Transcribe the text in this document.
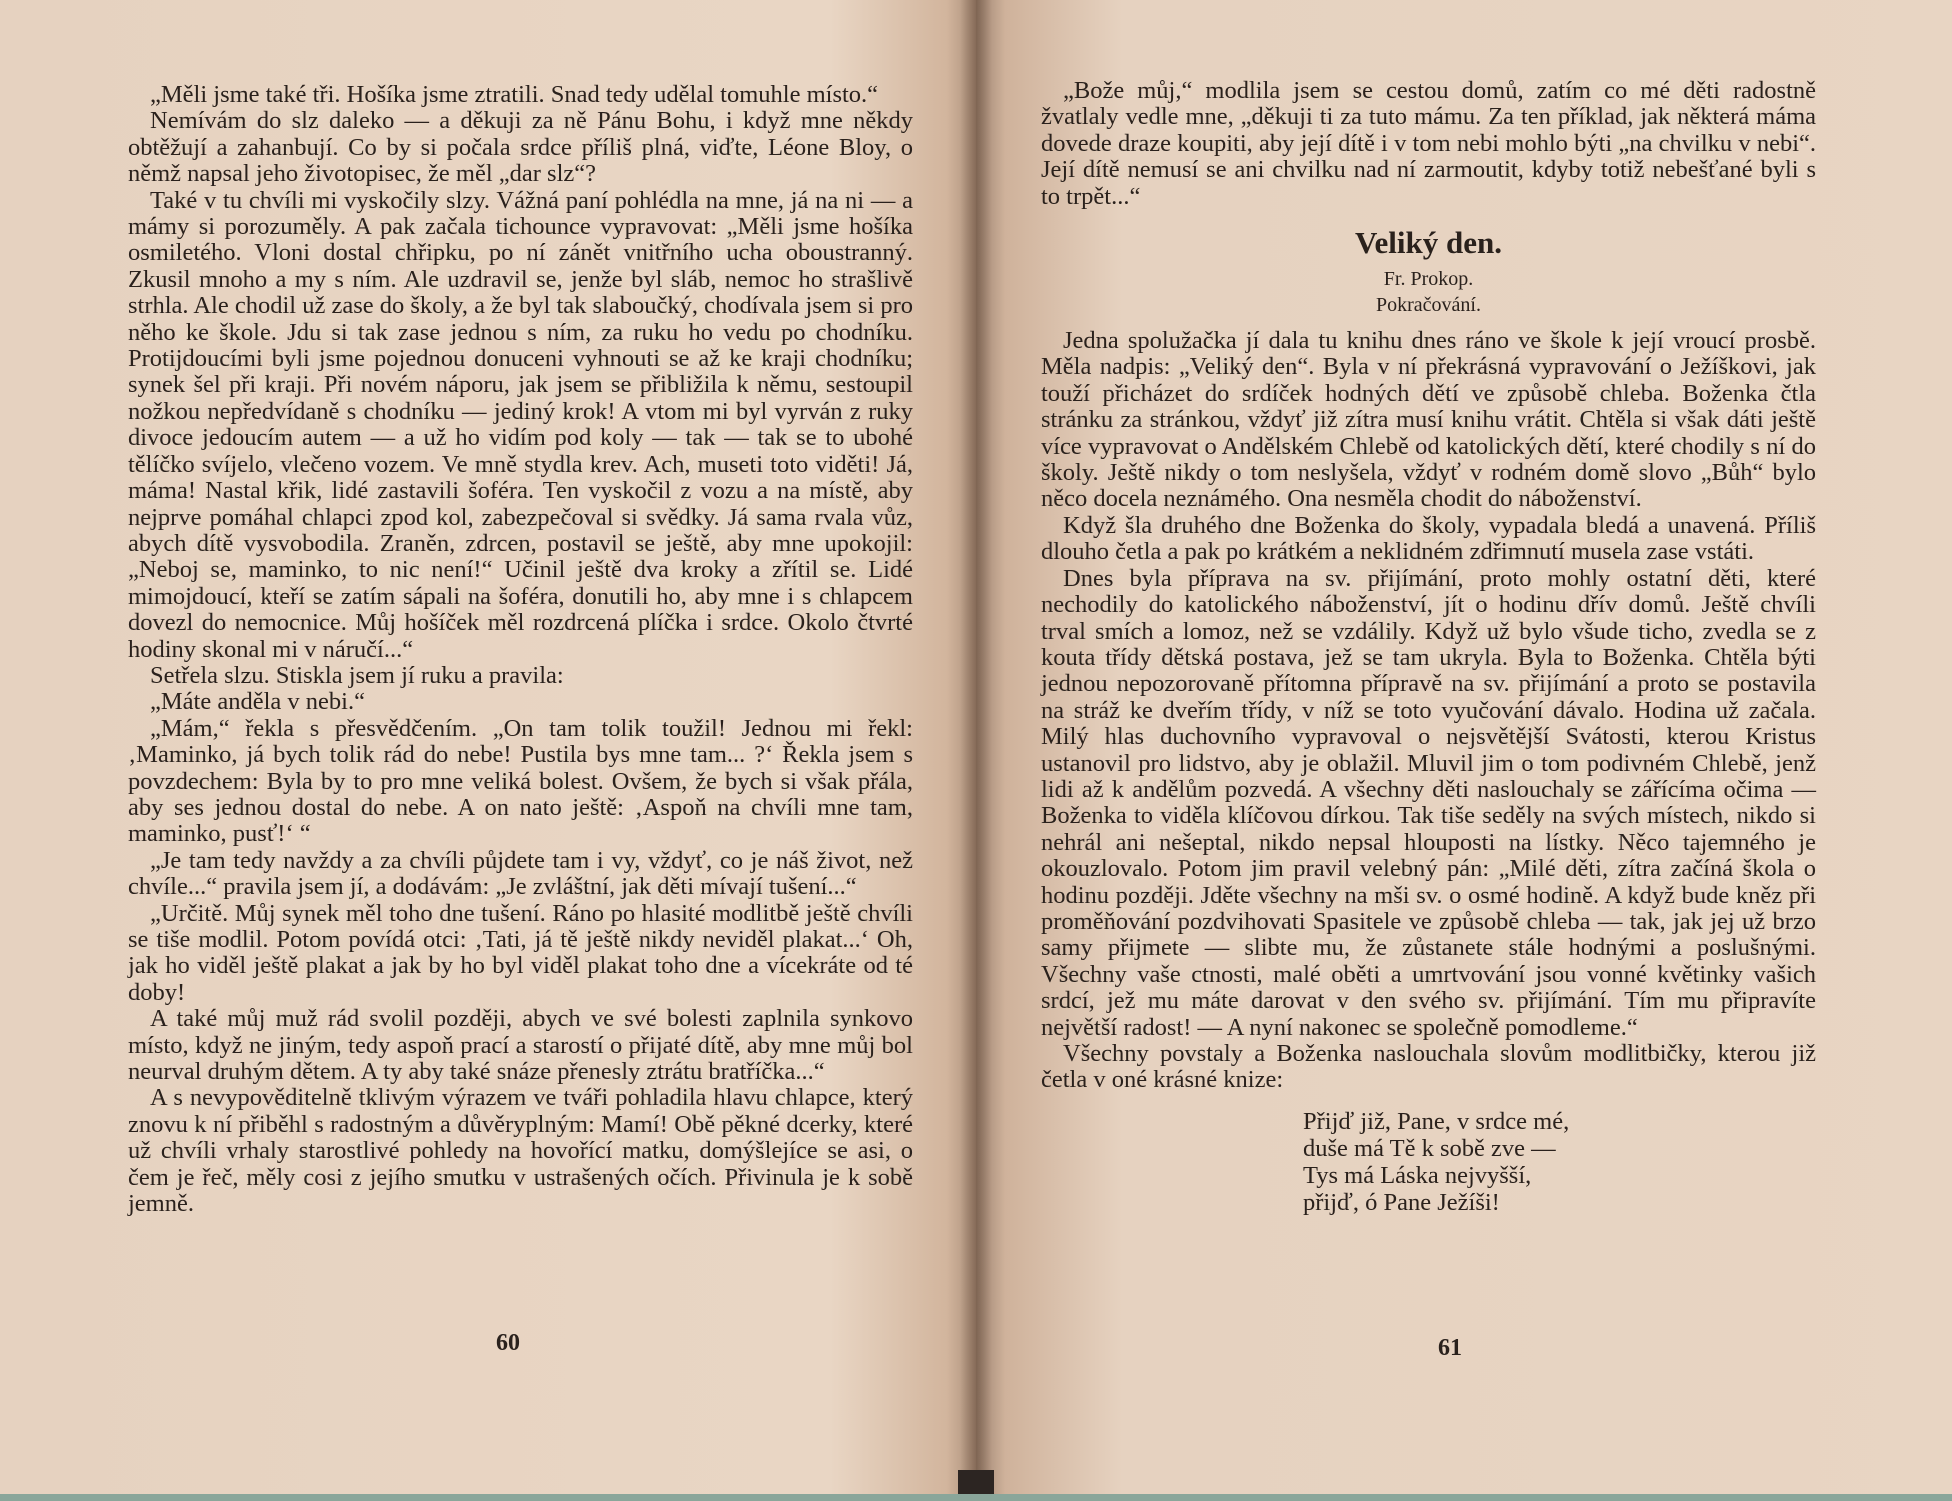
„Měli jsme také tři. Hošíka jsme ztratili. Snad tedy udělal tomuhle místo.“

Nemívám do slz daleko — a děkuji za ně Pánu Bohu, i když mne někdy obtěžují a zahanbují. Co by si počala srdce příliš plná, viďte, Léone Bloy, o němž napsal jeho životopisec, že měl „dar slz“?

Také v tu chvíli mi vyskočily slzy. Vážná paní pohlédla na mne, já na ni — a mámy si porozuměly. A pak začala tichounce vypravovat: „Měli jsme hošíka osmiletého. Vloni dostal chřipku, po ní zánět vnitřního ucha oboustranný. Zkusil mnoho a my s ním. Ale uzdravil se, jenže byl sláb, nemoc ho strašlivě strhla. Ale chodil už zase do školy, a že byl tak slaboučký, chodívala jsem si pro něho ke škole. Jdu si tak zase jednou s ním, za ruku ho vedu po chodníku. Protijdoucími byli jsme pojednou donuceni vyhnouti se až ke kraji chodníku; synek šel při kraji. Při novém náporu, jak jsem se přibližila k němu, sestoupil nožkou nepředvídaně s chodníku — jediný krok! A vtom mi byl vyrván z ruky divoce jedoucím autem — a už ho vidím pod koly — tak — tak se to ubohé tělíčko svíjelo, vlečeno vozem. Ve mně stydla krev. Ach, museti toto viděti! Já, máma! Nastal křik, lidé zastavili šoféra. Ten vyskočil z vozu a na místě, aby nejprve pomáhal chlapci zpod kol, zabezpečoval si svědky. Já sama rvala vůz, abych dítě vysvobodila. Zraněn, zdrcen, postavil se ještě, aby mne upokojil: „Neboj se, maminko, to nic není!“ Učinil ještě dva kroky a zřítil se. Lidé mimojdoucí, kteří se zatím sápali na šoféra, donutili ho, aby mne i s chlapcem dovezl do nemocnice. Můj hošíček měl rozdrcená plíčka i srdce. Okolo čtvrté hodiny skonal mi v náručí...“

Setřela slzu. Stiskla jsem jí ruku a pravila:

„Máte anděla v nebi.“

„Mám,“ řekla s přesvědčením. „On tam tolik toužil! Jednou mi řekl: ‚Maminko, já bych tolik rád do nebe! Pustila bys mne tam... ?‘ Řekla jsem s povzdechem: Byla by to pro mne veliká bolest. Ovšem, že bych si však přála, aby ses jednou dostal do nebe. A on nato ještě: ‚Aspoň na chvíli mne tam, maminko, pusť!‘ “

„Je tam tedy navždy a za chvíli půjdete tam i vy, vždyť, co je náš život, než chvíle...“ pravila jsem jí, a dodávám: „Je zvláštní, jak děti mívají tušení...“

„Určitě. Můj synek měl toho dne tušení. Ráno po hlasité modlitbě ještě chvíli se tiše modlil. Potom povídá otci: ‚Tati, já tě ještě nikdy neviděl plakat...‘ Oh, jak ho viděl ještě plakat a jak by ho byl viděl plakat toho dne a vícekráte od té doby!

A také můj muž rád svolil později, abych ve své bolesti zaplnila synkovo místo, když ne jiným, tedy aspoň prací a starostí o přijaté dítě, aby mne můj bol neurval druhým dětem. A ty aby také snáze přenesly ztrátu bratříčka...“

A s nevypověditelně tklivým výrazem ve tváři pohladila hlavu chlapce, který znovu k ní přiběhl s radostným a důvěryplným: Mamí! Obě pěkné dcerky, které už chvíli vrhaly starostlivé pohledy na hovořící matku, domýšlejíce se asi, o čem je řeč, měly cosi z jejího smutku v ustrašených očích. Přivinula je k sobě jemně.

60

„Bože můj,“ modlila jsem se cestou domů, zatím co mé děti radostně žvatlaly vedle mne, „děkuji ti za tuto mámu. Za ten příklad, jak některá máma dovede draze koupiti, aby její dítě i v tom nebi mohlo býti „na chvilku v nebi“. Její dítě nemusí se ani chvilku nad ní zarmoutit, kdyby totiž nebešťané byli s to trpět...“

Veliký den.
Fr. Prokop.
Pokračování.

Jedna spolužačka jí dala tu knihu dnes ráno ve škole k její vroucí prosbě. Měla nadpis: „Veliký den“. Byla v ní překrásná vypravování o Ježíškovi, jak touží přicházet do srdíček hodných dětí ve způsobě chleba. Boženka čtla stránku za stránkou, vždyť již zítra musí knihu vrátit. Chtěla si však dáti ještě více vypravovat o Andělském Chlebě od katolických dětí, které chodily s ní do školy. Ještě nikdy o tom neslyšela, vždyť v rodném domě slovo „Bůh“ bylo něco docela neznámého. Ona nesměla chodit do náboženství.

Když šla druhého dne Boženka do školy, vypadala bledá a unavená. Příliš dlouho četla a pak po krátkém a neklidném zdřimnutí musela zase vstáti.

Dnes byla příprava na sv. přijímání, proto mohly ostatní děti, které nechodily do katolického náboženství, jít o hodinu dřív domů. Ještě chvíli trval smích a lomoz, než se vzdálily. Když už bylo všude ticho, zvedla se z kouta třídy dětská postava, jež se tam ukryla. Byla to Boženka. Chtěla býti jednou nepozorovaně přítomna přípravě na sv. přijímání a proto se postavila na stráž ke dveřím třídy, v níž se toto vyučování dávalo. Hodina už začala. Milý hlas duchovního vypravoval o nejsvětější Svátosti, kterou Kristus ustanovil pro lidstvo, aby je oblažil. Mluvil jim o tom podivném Chlebě, jenž lidi až k andělům pozvedá. A všechny děti naslouchaly se zářícíma očima — Boženka to viděla klíčovou dírkou. Tak tiše seděly na svých místech, nikdo si nehrál ani nešeptal, nikdo nepsal hlouposti na lístky. Něco tajemného je okouzlovalo. Potom jim pravil velebný pán: „Milé děti, zítra začíná škola o hodinu později. Jděte všechny na mši sv. o osmé hodině. A když bude kněz při proměňování pozdvihovati Spasitele ve způsobě chleba — tak, jak jej už brzo samy přijmete — slibte mu, že zůstanete stále hodnými a poslušnými. Všechny vaše ctnosti, malé oběti a umrtvování jsou vonné květinky vašich srdcí, jež mu máte darovat v den svého sv. přijímání. Tím mu připravíte největší radost! — A nyní nakonec se společně pomodleme.“

Všechny povstaly a Boženka naslouchala slovům modlitbičky, kterou již četla v oné krásné knize:

Přijď již, Pane, v srdce mé,
duše má Tě k sobě zve —
Tys má Láska nejvyšší,
přijď, ó Pane Ježíši!
61
